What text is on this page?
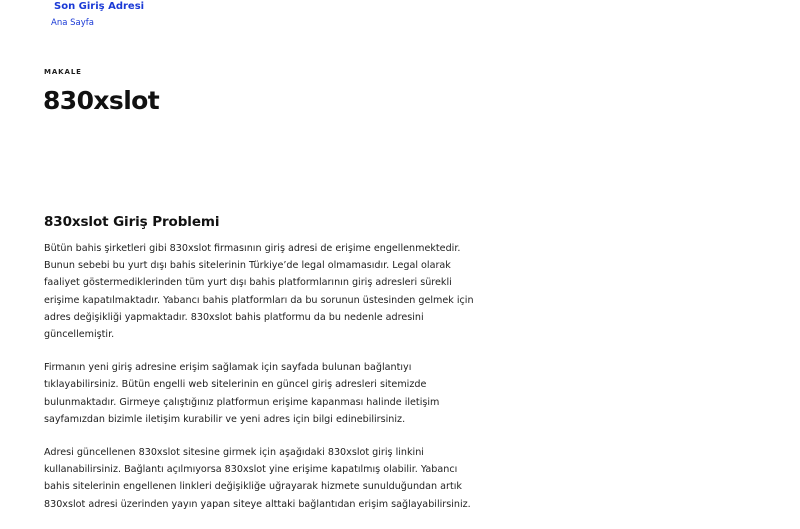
Son Giriş Adresi
Ana Sayfa
MAKALE
830xslot
830xslot Giriş Problemi

Bütün bahis şirketleri gibi 830xslot firmasının giriş adresi de erişime engellenmektedir. Bunun sebebi bu yurt dışı bahis sitelerinin Türkiye’de legal olmamasıdır. Legal olarak faaliyet göstermediklerinden tüm yurt dışı bahis platformlarının giriş adresleri sürekli erişime kapatılmaktadır. Yabancı bahis platformları da bu sorunun üstesinden gelmek için adres değişikliği yapmaktadır. 830xslot bahis platformu da bu nedenle adresini güncellemiştir.

Firmanın yeni giriş adresine erişim sağlamak için sayfada bulunan bağlantıyı tıklayabilirsiniz. Bütün engelli web sitelerinin en güncel giriş adresleri sitemizde bulunmaktadır. Girmeye çalıştığınız platformun erişime kapanması halinde iletişim sayfamızdan bizimle iletişim kurabilir ve yeni adres için bilgi edinebilirsiniz.

Adresi güncellenen 830xslot sitesine girmek için aşağıdaki 830xslot giriş linkini kullanabilirsiniz. Bağlantı açılmıyorsa 830xslot yine erişime kapatılmış olabilir. Yabancı bahis sitelerinin engellenen linkleri değişikliğe uğrayarak hizmete sunulduğundan artık 830xslot adresi üzerinden yayın yapan siteye alttaki bağlantıdan erişim sağlayabilirsiniz.
